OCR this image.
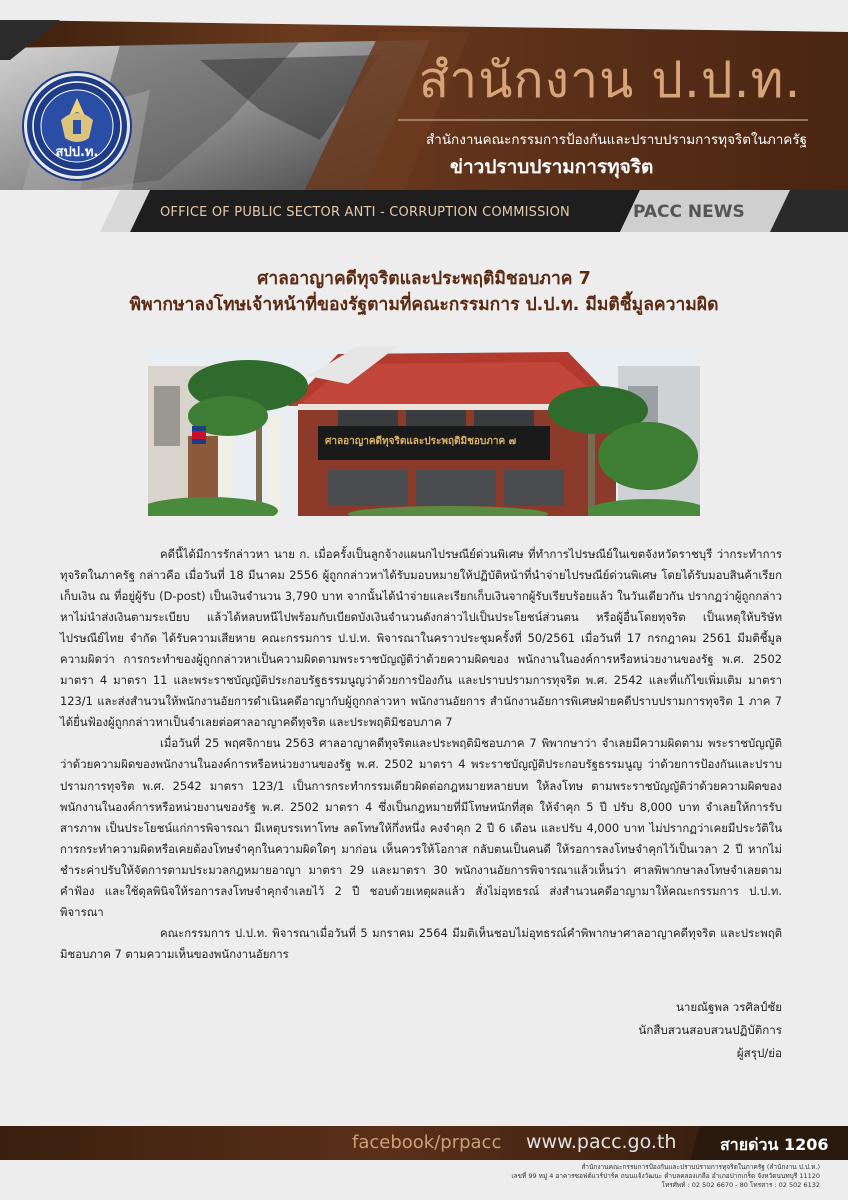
สปป.ท.
สำนักงาน ป.ป.ท.
สำนักงานคณะกรรมการป้องกันและปราบปรามการทุจริตในภาครัฐ
ข่าวปราบปรามการทุจริต
OFFICE OF PUBLIC SECTOR ANTI - CORRUPTION COMMISSION	PACC NEWS
ศาลอาญาคดีทุจริตและประพฤติมิชอบภาค 7
พิพากษาลงโทษเจ้าหน้าที่ของรัฐตามที่คณะกรรมการ ป.ป.ท. มีมติชี้มูลความผิด
ศาลอาญาคดีทุจริตและประพฤติมิชอบภาค ๗

คดีนี้ได้มีการรักล่าวหา นาย ก. เมื่อครั้งเป็นลูกจ้างแผนกไปรษณีย์ด่วนพิเศษ ที่ทำการไปรษณีย์ในเขตจังหวัดราชบุรี ว่ากระทำการทุจริตในภาครัฐ กล่าวคือ เมื่อวันที่ 18 มีนาคม 2556 ผู้ถูกกล่าวหาได้รับมอบหมายให้ปฏิบัติหน้าที่นำจ่ายไปรษณีย์ด่วนพิเศษ โดยได้รับมอบสินค้าเรียกเก็บเงิน ณ ที่อยู่ผู้รับ (D-post) เป็นเงินจำนวน 3,790 บาท จากนั้นได้นำจ่ายและเรียกเก็บเงินจากผู้รับเรียบร้อยแล้ว ในวันเดียวกัน ปรากฏว่าผู้ถูกกล่าวหาไม่นำส่งเงินตามระเบียบ แล้วได้หลบหนีไปพร้อมกับเบียดบังเงินจำนวนดังกล่าวไปเป็นประโยชน์ส่วนตน หรือผู้อื่นโดยทุจริต เป็นเหตุให้บริษัท ไปรษณีย์ไทย จำกัด ได้รับความเสียหาย คณะกรรมการ ป.ป.ท. พิจารณาในคราวประชุมครั้งที่ 50/2561 เมื่อวันที่ 17 กรกฎาคม 2561 มีมติชี้มูลความผิดว่า การกระทำของผู้ถูกกล่าวหาเป็นความผิดตามพระราชบัญญัติว่าด้วยความผิดของ พนักงานในองค์การหรือหน่วยงานของรัฐ พ.ศ. 2502 มาตรา 4 มาตรา 11 และพระราชบัญญัติประกอบรัฐธรรมนูญว่าด้วยการป้องกัน และปราบปรามการทุจริต พ.ศ. 2542 และที่แก้ไขเพิ่มเติม มาตรา 123/1 และส่งสำนวนให้พนักงานอัยการดำเนินคดีอาญากับผู้ถูกกล่าวหา พนักงานอัยการ สำนักงานอัยการพิเศษฝ่ายคดีปราบปรามการทุจริต 1 ภาค 7 ได้ยื่นฟ้องผู้ถูกกล่าวหาเป็นจำเลยต่อศาลอาญาคดีทุจริต และประพฤติมิชอบภาค 7

เมื่อวันที่ 25 พฤศจิกายน 2563 ศาลอาญาคดีทุจริตและประพฤติมิชอบภาค 7 พิพากษาว่า จำเลยมีความผิดตาม พระราชบัญญัติว่าด้วยความผิดของพนักงานในองค์การหรือหน่วยงานของรัฐ พ.ศ. 2502 มาตรา 4 พระราชบัญญัติประกอบรัฐธรรมนูญ ว่าด้วยการป้องกันและปราบปรามการทุจริต พ.ศ. 2542 มาตรา 123/1 เป็นการกระทำกรรมเดียวผิดต่อกฎหมายหลายบท ให้ลงโทษ ตามพระราชบัญญัติว่าด้วยความผิดของพนักงานในองค์การหรือหน่วยงานของรัฐ พ.ศ. 2502 มาตรา 4 ซึ่งเป็นกฎหมายที่มีโทษหนักที่สุด ให้จำคุก 5 ปี ปรับ 8,000 บาท จำเลยให้การรับสารภาพ เป็นประโยชน์แก่การพิจารณา มีเหตุบรรเทาโทษ ลดโทษให้กึ่งหนึ่ง คงจำคุก 2 ปี 6 เดือน และปรับ 4,000 บาท ไม่ปรากฏว่าเคยมีประวัติในการกระทำความผิดหรือเคยต้องโทษจำคุกในความผิดใดๆ มาก่อน เห็นควรให้โอกาส กลับตนเป็นคนดี ให้รอการลงโทษจำคุกไว้เป็นเวลา 2 ปี หากไม่ชำระค่าปรับให้จัดการตามประมวลกฎหมายอาญา มาตรา 29 และมาตรา 30 พนักงานอัยการพิจารณาแล้วเห็นว่า ศาลพิพากษาลงโทษจำเลยตามคำฟ้อง และใช้ดุลพินิจให้รอการลงโทษจำคุกจำเลยไว้ 2 ปี ชอบด้วยเหตุผลแล้ว สั่งไม่อุทธรณ์ ส่งสำนวนคดีอาญามาให้คณะกรรมการ ป.ป.ท. พิจารณา

คณะกรรมการ ป.ป.ท. พิจารณาเมื่อวันที่ 5 มกราคม 2564 มีมติเห็นชอบไม่อุทธรณ์คำพิพากษาศาลอาญาคดีทุจริต และประพฤติมิชอบภาค 7 ตามความเห็นของพนักงานอัยการ

นายณัฐพล วรศิลป์ชัย
นักสืบสวนสอบสวนปฏิบัติการ
ผู้สรุป/ย่อ
facebook/prpacc www.pacc.go.th	สายด่วน 1206
สำนักงานคณะกรรมการป้องกันและปราบปรามการทุจริตในภาครัฐ (สำนักงาน ป.ป.ท.)
เลขที่ 99 หมู่ 4 อาคารซอฟต์แวร์ปาร์ค ถนนแจ้งวัฒนะ ตำบลคลองเกลือ อำเภอปากเกร็ด จังหวัดนนทบุรี 11120
โทรศัพท์ : 02 502 6670 - 80 โทรสาร : 02 502 6132
